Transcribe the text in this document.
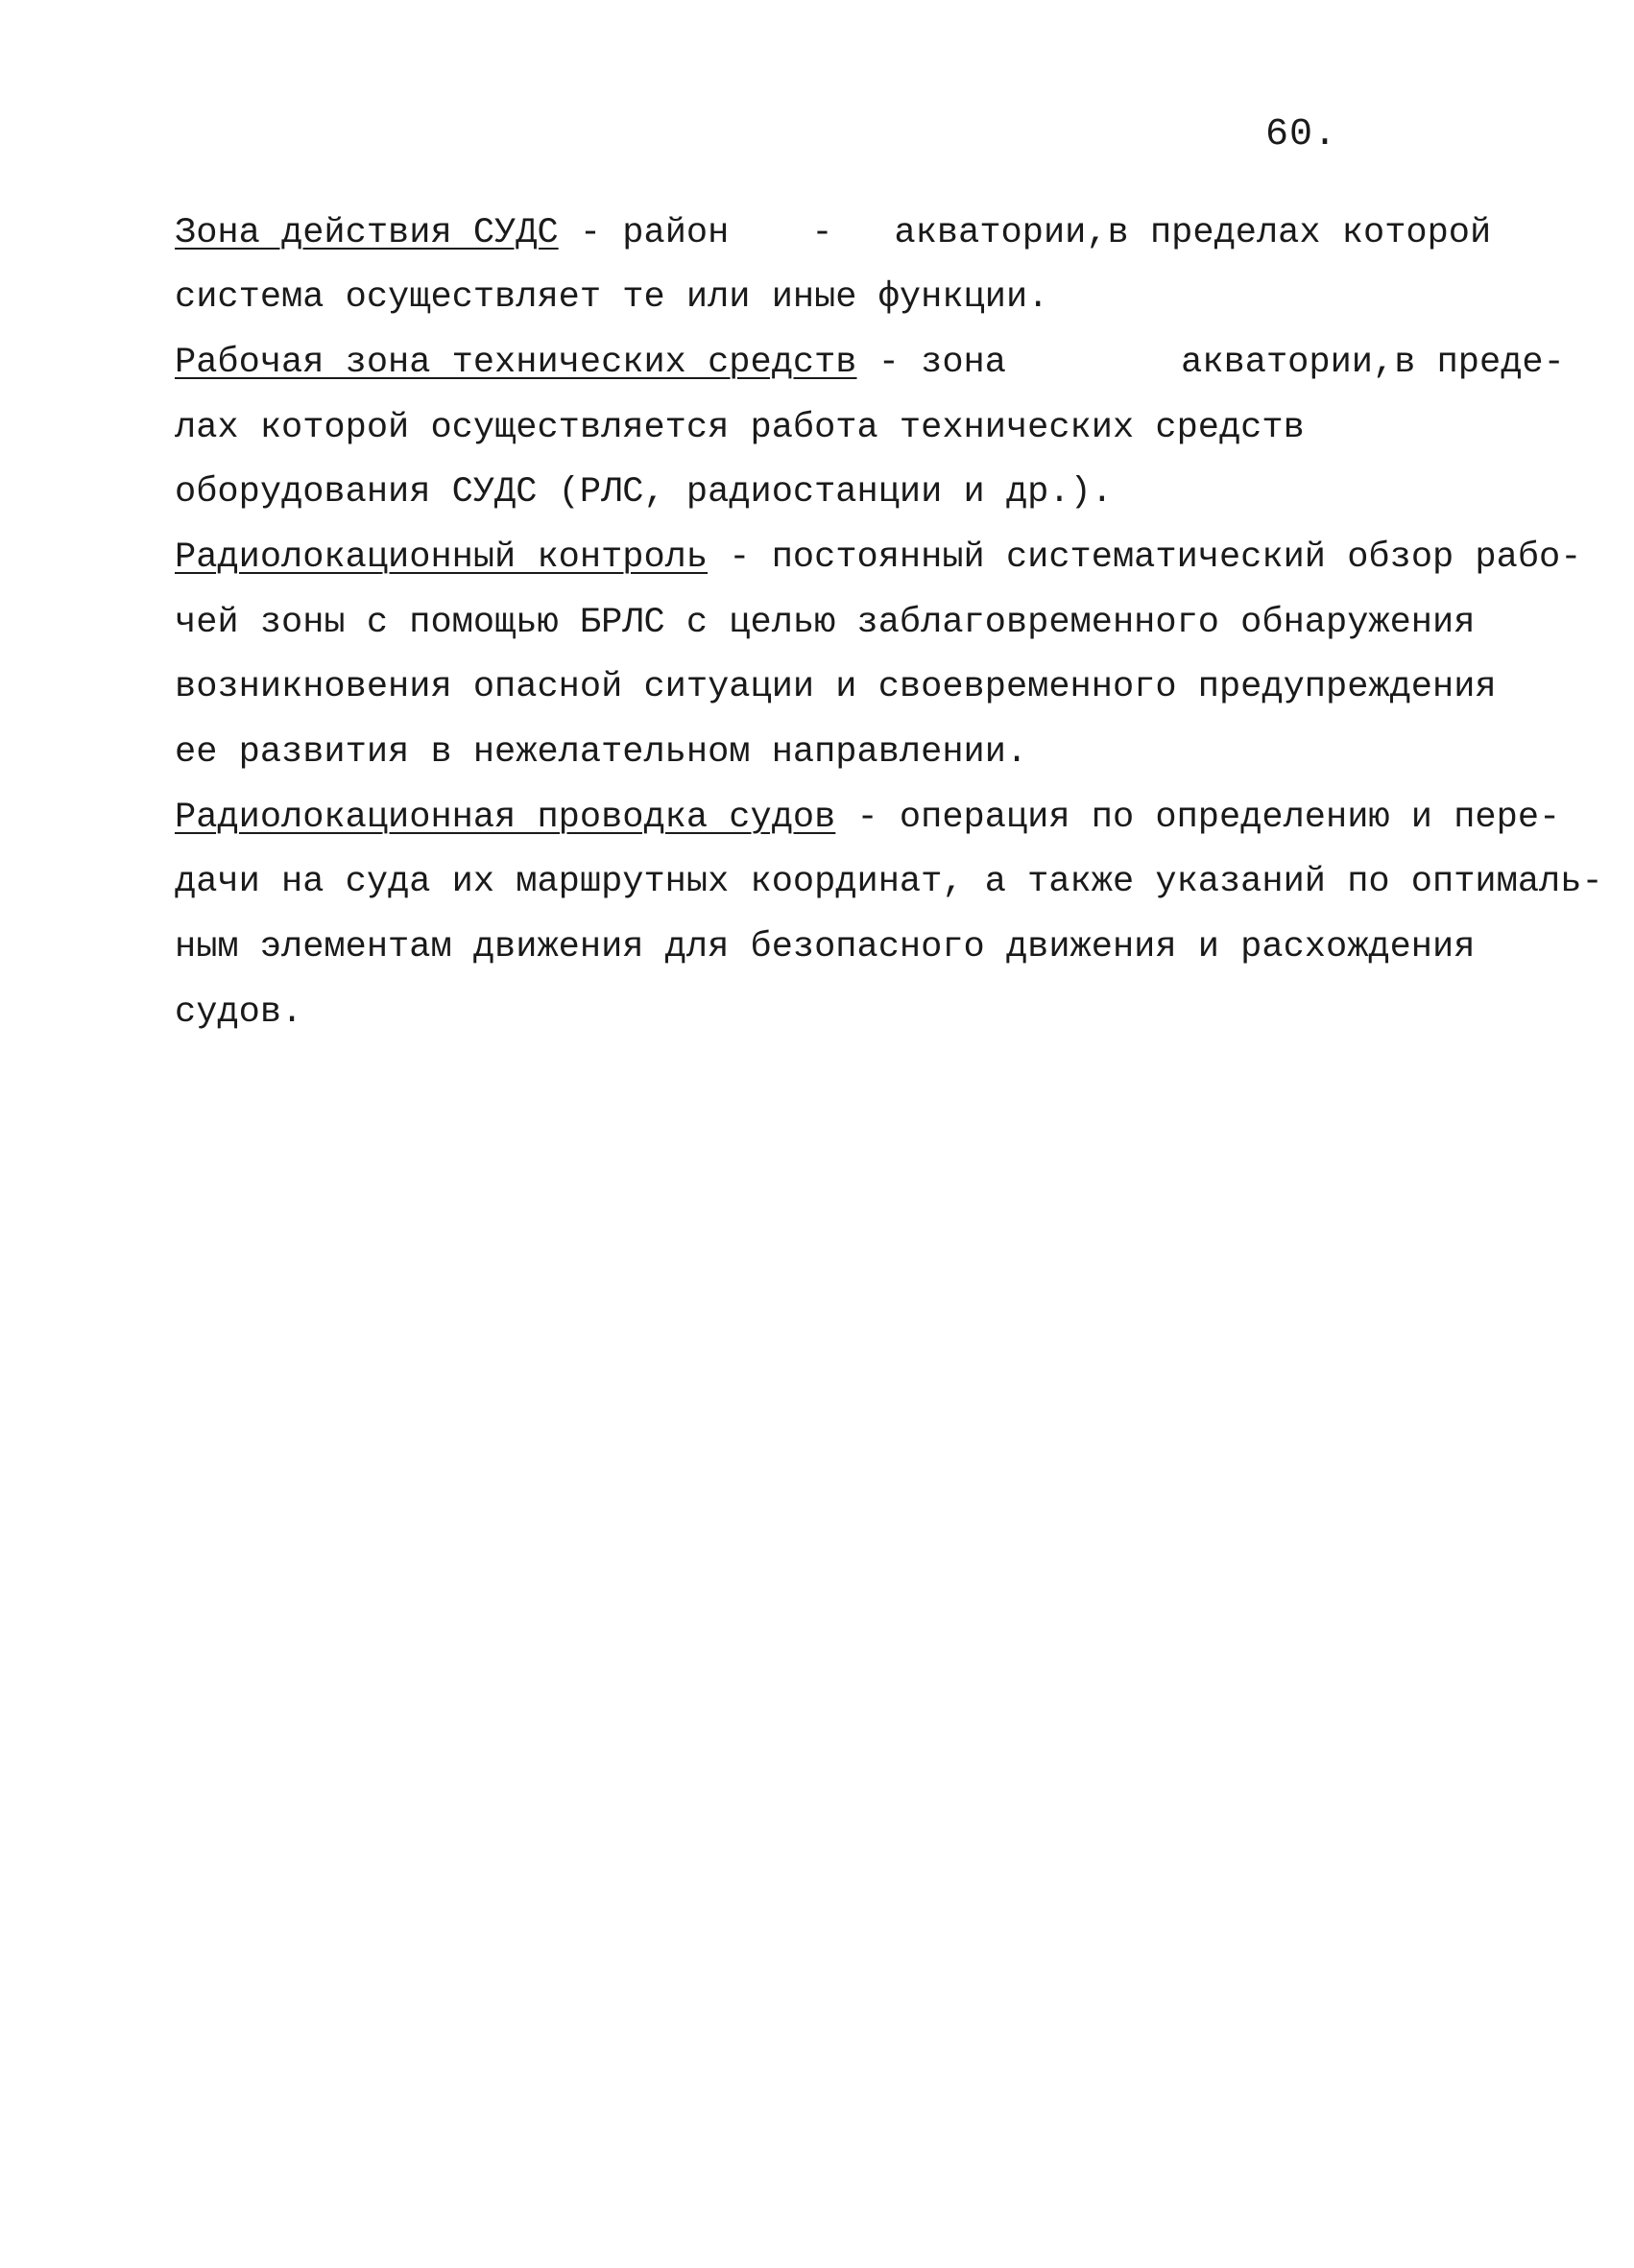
60.
Зона действия СУДС - район - акватории,в пределах которой
система осуществляет те или иные функции.
Рабочая зона технических средств - зона	акватории,в преде-
лах которой осуществляется работа технических средств
оборудования СУДС (РЛС, радиостанции и др.).
Радиолокационный контроль - постоянный систематический обзор рабо-
чей зоны с помощью БРЛС с целью заблаговременного обнаружения
возникновения опасной ситуации и своевременного предупреждения
ее развития в нежелательном направлении.
Радиолокационная проводка судов - операция по определению и пере-
дачи на суда их маршрутных координат, а также указаний по оптималь-
ным элементам движения для безопасного движения и расхождения
судов.
